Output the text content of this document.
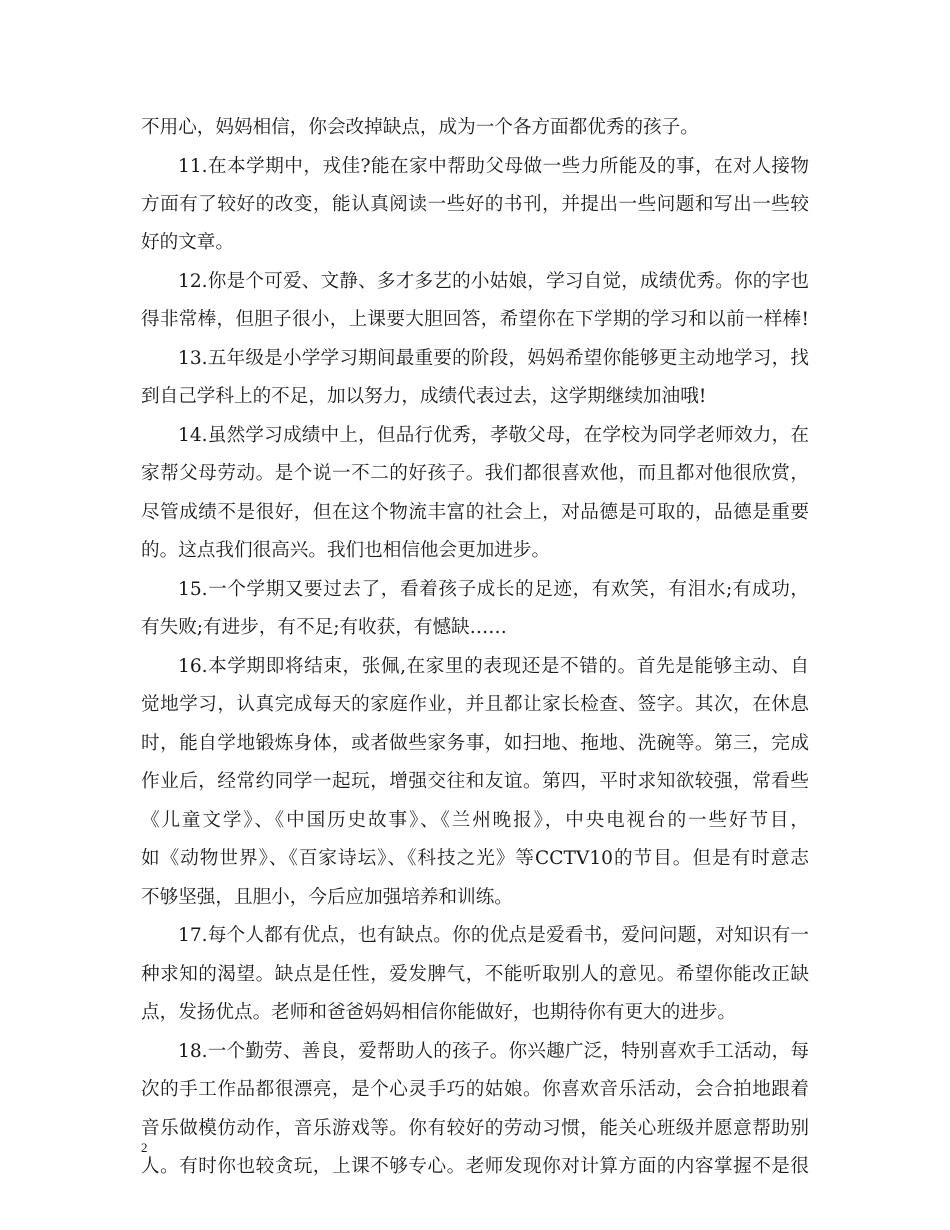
不用心，妈妈相信，你会改掉缺点，成为一个各方面都优秀的孩子。
11.在本学期中，戎佳?能在家中帮助父母做一些力所能及的事，在对人接物
方面有了较好的改变，能认真阅读一些好的书刊，并提出一些问题和写出一些较
好的文章。
12.你是个可爱、文静、多才多艺的小姑娘，学习自觉，成绩优秀。你的字也
得非常棒，但胆子很小，上课要大胆回答，希望你在下学期的学习和以前一样棒!
13.五年级是小学学习期间最重要的阶段，妈妈希望你能够更主动地学习，找
到自己学科上的不足，加以努力，成绩代表过去，这学期继续加油哦!
14.虽然学习成绩中上，但品行优秀，孝敬父母，在学校为同学老师效力，在
家帮父母劳动。是个说一不二的好孩子。我们都很喜欢他，而且都对他很欣赏，
尽管成绩不是很好，但在这个物流丰富的社会上，对品德是可取的，品德是重要
的。这点我们很高兴。我们也相信他会更加进步。
15.一个学期又要过去了，看着孩子成长的足迹，有欢笑，有泪水;有成功，
有失败;有进步，有不足;有收获，有憾缺……
16.本学期即将结束，张佩,在家里的表现还是不错的。首先是能够主动、自
觉地学习，认真完成每天的家庭作业，并且都让家长检查、签字。其次，在休息
时，能自学地锻炼身体，或者做些家务事，如扫地、拖地、洗碗等。第三，完成
作业后，经常约同学一起玩，增强交往和友谊。第四，平时求知欲较强，常看些
《儿童文学》、《中国历史故事》、《兰州晚报》，中央电视台的一些好节目，
如《动物世界》、《百家诗坛》、《科技之光》等CCTV10的节目。但是有时意志
不够坚强，且胆小，今后应加强培养和训练。
17.每个人都有优点，也有缺点。你的优点是爱看书，爱问问题，对知识有一
种求知的渴望。缺点是任性，爱发脾气，不能听取别人的意见。希望你能改正缺
点，发扬优点。老师和爸爸妈妈相信你能做好，也期待你有更大的进步。
18.一个勤劳、善良，爱帮助人的孩子。你兴趣广泛，特别喜欢手工活动，每
次的手工作品都很漂亮，是个心灵手巧的姑娘。你喜欢音乐活动，会合拍地跟着
音乐做模仿动作，音乐游戏等。你有较好的劳动习惯，能关心班级并愿意帮助别
人。有时你也较贪玩，上课不够专心。老师发现你对计算方面的内容掌握不是很
2
